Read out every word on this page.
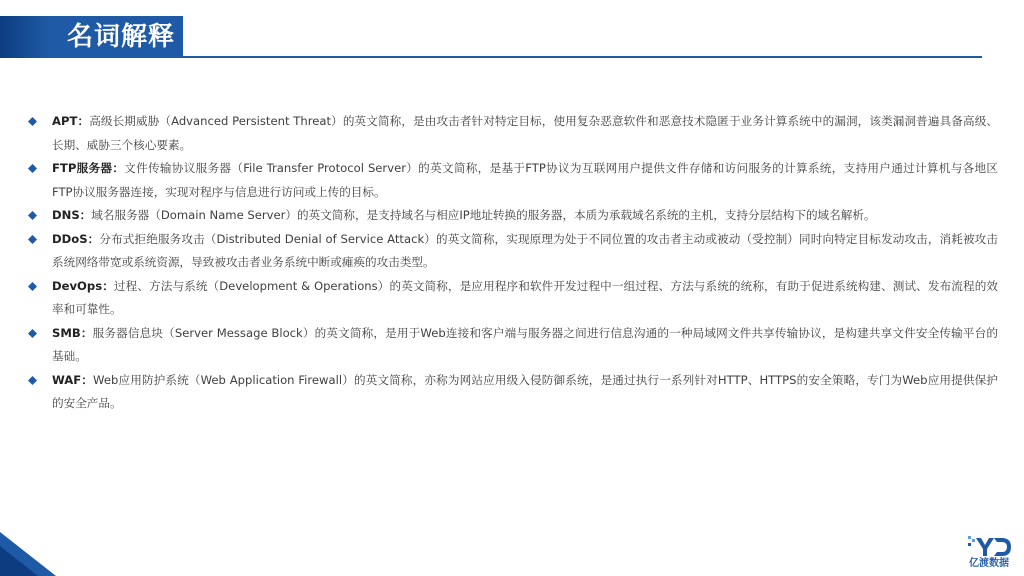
名词解释
APT：高级长期威胁（Advanced Persistent Threat）的英文简称，是由攻击者针对特定目标，使用复杂恶意软件和恶意技术隐匿于业务计算系统中的漏洞，该类漏洞普遍具备高级、长期、威胁三个核心要素。
FTP服务器：文件传输协议服务器（File Transfer Protocol Server）的英文简称，是基于FTP协议为互联网用户提供文件存储和访问服务的计算系统，支持用户通过计算机与各地区FTP协议服务器连接，实现对程序与信息进行访问或上传的目标。
DNS：域名服务器（Domain Name Server）的英文简称，是支持域名与相应IP地址转换的服务器，本质为承载域名系统的主机，支持分层结构下的域名解析。
DDoS：分布式拒绝服务攻击（Distributed Denial of Service Attack）的英文简称，实现原理为处于不同位置的攻击者主动或被动（受控制）同时向特定目标发动攻击，消耗被攻击系统网络带宽或系统资源，导致被攻击者业务系统中断或瘫痪的攻击类型。
DevOps：过程、方法与系统（Development & Operations）的英文简称，是应用程序和软件开发过程中一组过程、方法与系统的统称，有助于促进系统构建、测试、发布流程的效率和可靠性。
SMB：服务器信息块（Server Message Block）的英文简称，是用于Web连接和客户端与服务器之间进行信息沟通的一种局域网文件共享传输协议，是构建共享文件安全传输平台的基础。
WAF：Web应用防护系统（Web Application Firewall）的英文简称，亦称为网站应用级入侵防御系统，是通过执行一系列针对HTTP、HTTPS的安全策略，专门为Web应用提供保护的安全产品。
亿渡数据
